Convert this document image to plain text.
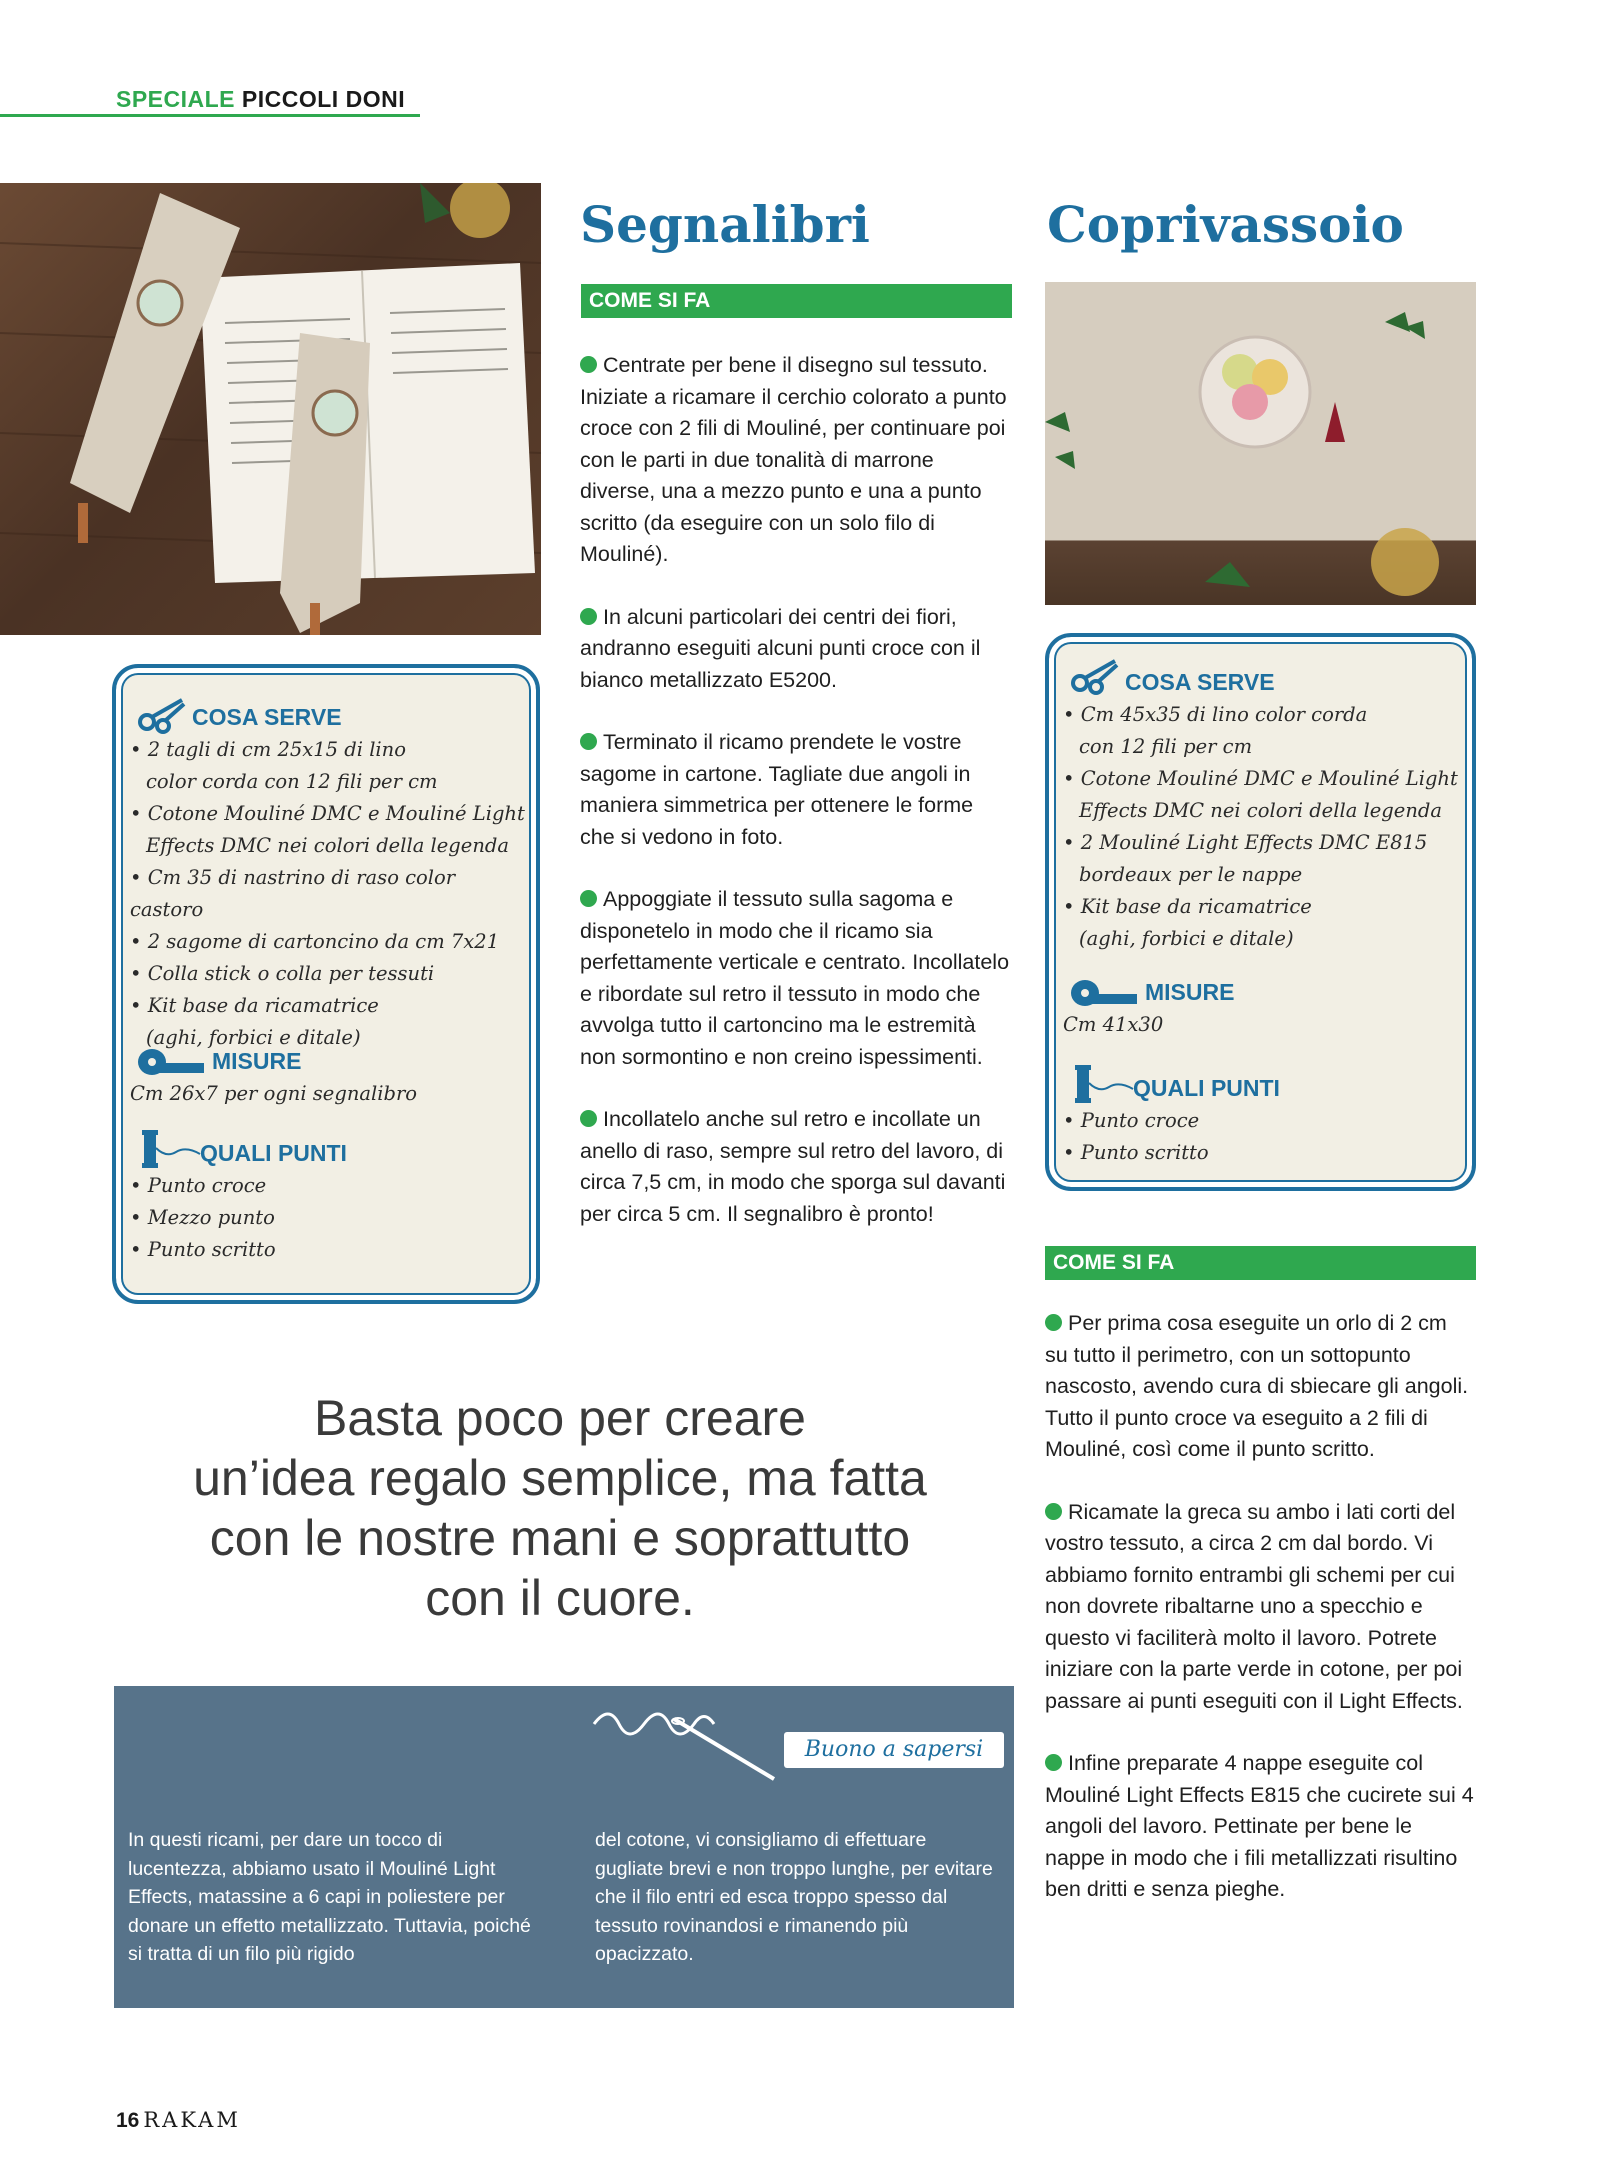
SPECIALE PICCOLI DONI
Segnalibri	Coprivassoio
COME SI FA

Centrate per bene il disegno sul tessuto. Iniziate a ricamare il cerchio colorato a punto croce con 2 fili di Mouliné, per continuare poi con le parti in due tonalità di marrone diverse, una a mezzo punto e una a punto scritto (da eseguire con un solo filo di Mouliné).

In alcuni particolari dei centri dei fiori, andranno eseguiti alcuni punti croce con il bianco metallizzato E5200.

Terminato il ricamo prendete le vostre sagome in cartone. Tagliate due angoli in maniera simmetrica per ottenere le forme che si vedono in foto.

Appoggiate il tessuto sulla sagoma e disponetelo in modo che il ricamo sia perfettamente verticale e centrato. Incollatelo e ribordate sul retro il tessuto in modo che avvolga tutto il cartoncino ma le estremità non sormontino e non creino ispessimenti.

Incollatelo anche sul retro e incollate un anello di raso, sempre sul retro del lavoro, di circa 7,5 cm, in modo che sporga sul davanti per circa 5 cm. Il segnalibro è pronto!

COSA SERVE
• 2 tagli di cm 25x15 di lino
color corda con 12 fili per cm
• Cotone Mouliné DMC e Mouliné Light
Effects DMC nei colori della legenda
• Cm 35 di nastrino di raso color castoro
• 2 sagome di cartoncino da cm 7x21
• Colla stick o colla per tessuti
• Kit base da ricamatrice
(aghi, forbici e ditale)
MISURE
Cm 26x7 per ogni segnalibro
QUALI PUNTI
• Punto croce
• Mezzo punto
• Punto scritto
COSA SERVE
• Cm 45x35 di lino color corda
con 12 fili per cm
• Cotone Mouliné DMC e Mouliné Light
Effects DMC nei colori della legenda
• 2 Mouliné Light Effects DMC E815
bordeaux per le nappe
• Kit base da ricamatrice
(aghi, forbici e ditale)
MISURE
Cm 41x30
QUALI PUNTI
• Punto croce
• Punto scritto
COME SI FA

Per prima cosa eseguite un orlo di 2 cm su tutto il perimetro, con un sottopunto nascosto, avendo cura di sbiecare gli angoli. Tutto il punto croce va eseguito a 2 fili di Mouliné, così come il punto scritto.

Ricamate la greca su ambo i lati corti del vostro tessuto, a circa 2 cm dal bordo. Vi abbiamo fornito entrambi gli schemi per cui non dovrete ribaltarne uno a specchio e questo vi faciliterà molto il lavoro. Potrete iniziare con la parte verde in cotone, per poi passare ai punti eseguiti con il Light Effects.

Infine preparate 4 nappe eseguite col Mouliné Light Effects E815 che cucirete sui 4 angoli del lavoro. Pettinate per bene le nappe in modo che i fili metallizzati risultino ben dritti e senza pieghe.

Basta poco per creare
un’idea regalo semplice, ma fatta
con le nostre mani e soprattutto
con il cuore.
Buono a sapersi
In questi ricami, per dare un tocco di lucentezza, abbiamo usato il Mouliné Light Effects, matassine a 6 capi in poliestere per donare un effetto metallizzato. Tuttavia, poiché si tratta di un filo più rigido
del cotone, vi consigliamo di effettuare gugliate brevi e non troppo lunghe, per evitare che il filo entri ed esca troppo spesso dal tessuto rovinandosi e rimanendo più opacizzato.
16 RAKAM
